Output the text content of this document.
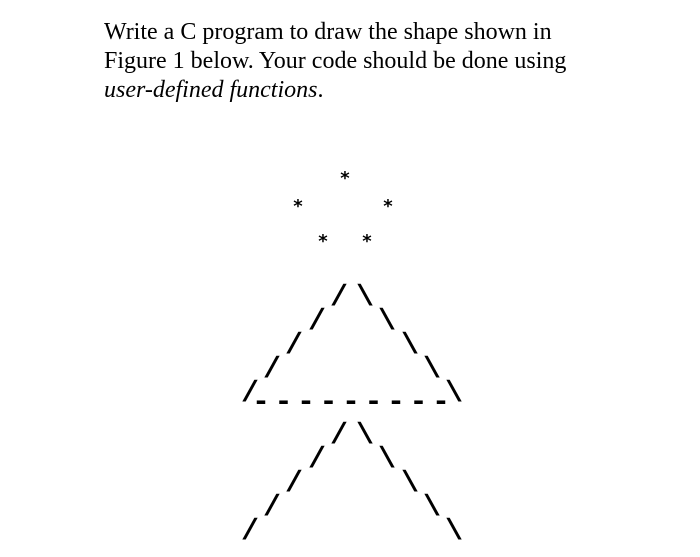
Write a C program to draw the shape shown in
Figure 1 below. Your code should be done using
user-defined functions.
*
*	*
* *
/ \
/ \
/	\
/	\
/	\
- - - - - - - - -
/ \
/ \
/	\
/	\
/	\
